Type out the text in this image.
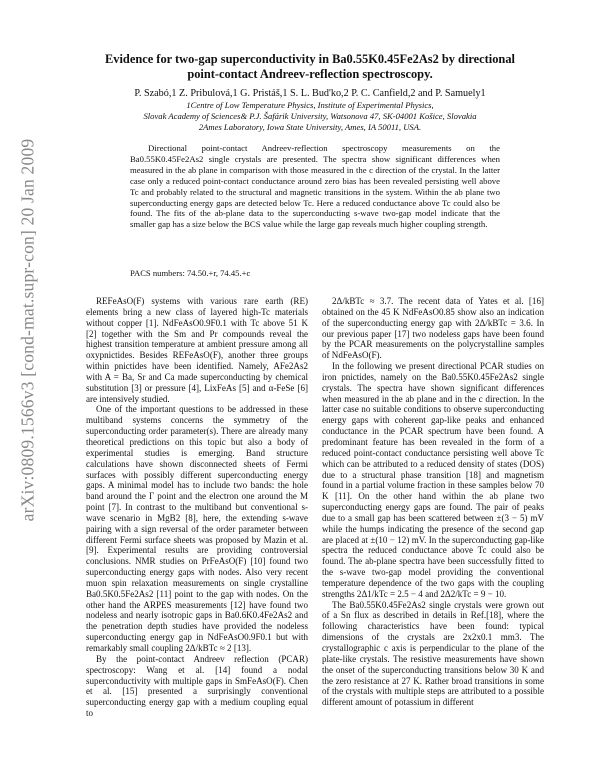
arXiv:0809.1566v3 [cond-mat.supr-con] 20 Jan 2009
Evidence for two-gap superconductivity in Ba0.55K0.45Fe2As2 by directional
point-contact Andreev-reflection spectroscopy.
P. Szabó,1 Z. Pribulová,1 G. Pristáš,1 S. L. Bud'ko,2 P. C. Canfield,2 and P. Samuely1
1Centre of Low Temperature Physics, Institute of Experimental Physics,
Slovak Academy of Sciences& P.J. Šafárik University, Watsonova 47, SK-04001 Košice, Slovakia
2Ames Laboratory, Iowa State University, Ames, IA 50011, USA.
Directional point-contact Andreev-reflection spectroscopy measurements on the Ba0.55K0.45Fe2As2 single crystals are presented. The spectra show significant differences when measured in the ab plane in comparison with those measured in the c direction of the crystal. In the latter case only a reduced point-contact conductance around zero bias has been revealed persisting well above Tc and probably related to the structural and magnetic transitions in the system. Within the ab plane two superconducting energy gaps are detected below Tc. Here a reduced conductance above Tc could also be found. The fits of the ab-plane data to the superconducting s-wave two-gap model indicate that the smaller gap has a size below the BCS value while the large gap reveals much higher coupling strength.
PACS numbers: 74.50.+r, 74.45.+c

REFeAsO(F) systems with various rare earth (RE) elements bring a new class of layered high-Tc materials without copper [1]. NdFeAsO0.9F0.1 with Tc above 51 K [2] together with the Sm and Pr compounds reveal the highest transition temperature at ambient pressure among all oxypnictides. Besides REFeAsO(F), another three groups within pnictides have been identified. Namely, AFe2As2 with A = Ba, Sr and Ca made superconducting by chemical substitution [3] or pressure [4], LixFeAs [5] and α-FeSe [6] are intensively studied.

One of the important questions to be addressed in these multiband systems concerns the symmetry of the superconducting order parameter(s). There are already many theoretical predictions on this topic but also a body of experimental studies is emerging. Band structure calculations have shown disconnected sheets of Fermi surfaces with possibly different superconducting energy gaps. A minimal model has to include two bands: the hole band around the Γ point and the electron one around the M point [7]. In contrast to the multiband but conventional s-wave scenario in MgB2 [8], here, the extending s-wave pairing with a sign reversal of the order parameter between different Fermi surface sheets was proposed by Mazin et al. [9]. Experimental results are providing controversial conclusions. NMR studies on PrFeAsO(F) [10] found two superconducting energy gaps with nodes. Also very recent muon spin relaxation measurements on single crystalline Ba0.5K0.5Fe2As2 [11] point to the gap with nodes. On the other hand the ARPES measurements [12] have found two nodeless and nearly isotropic gaps in Ba0.6K0.4Fe2As2 and the penetration depth studies have provided the nodeless superconducting energy gap in NdFeAsO0.9F0.1 but with remarkably small coupling 2Δ/kBTc ≈ 2 [13].

By the point-contact Andreev reflection (PCAR) spectroscopy: Wang et al. [14] found a nodal superconductivity with multiple gaps in SmFeAsO(F). Chen et al. [15] presented a surprisingly conventional superconducting energy gap with a medium coupling equal to

2Δ/kBTc ≈ 3.7. The recent data of Yates et al. [16] obtained on the 45 K NdFeAsO0.85 show also an indication of the superconducting energy gap with 2Δ/kBTc = 3.6. In our previous paper [17] two nodeless gaps have been found by the PCAR measurements on the polycrystalline samples of NdFeAsO(F).

In the following we present directional PCAR studies on iron pnictides, namely on the Ba0.55K0.45Fe2As2 single crystals. The spectra have shown significant differences when measured in the ab plane and in the c direction. In the latter case no suitable conditions to observe superconducting energy gaps with coherent gap-like peaks and enhanced conductance in the PCAR spectrum have been found. A predominant feature has been revealed in the form of a reduced point-contact conductance persisting well above Tc which can be attributed to a reduced density of states (DOS) due to a structural phase transition [18] and magnetism found in a partial volume fraction in these samples below 70 K [11]. On the other hand within the ab plane two superconducting energy gaps are found. The pair of peaks due to a small gap has been scattered between ±(3 − 5) mV while the humps indicating the presence of the second gap are placed at ±(10 − 12) mV. In the superconducting gap-like spectra the reduced conductance above Tc could also be found. The ab-plane spectra have been successfully fitted to the s-wave two-gap model providing the conventional temperature dependence of the two gaps with the coupling strengths 2Δ1/kTc = 2.5 − 4 and 2Δ2/kTc = 9 − 10.

The Ba0.55K0.45Fe2As2 single crystals were grown out of a Sn flux as described in details in Ref.[18], where the following characteristics have been found: typical dimensions of the crystals are 2x2x0.1 mm3. The crystallographic c axis is perpendicular to the plane of the plate-like crystals. The resistive measurements have shown the onset of the superconducting transitions below 30 K and the zero resistance at 27 K. Rather broad transitions in some of the crystals with multiple steps are attributed to a possible different amount of potassium in different
